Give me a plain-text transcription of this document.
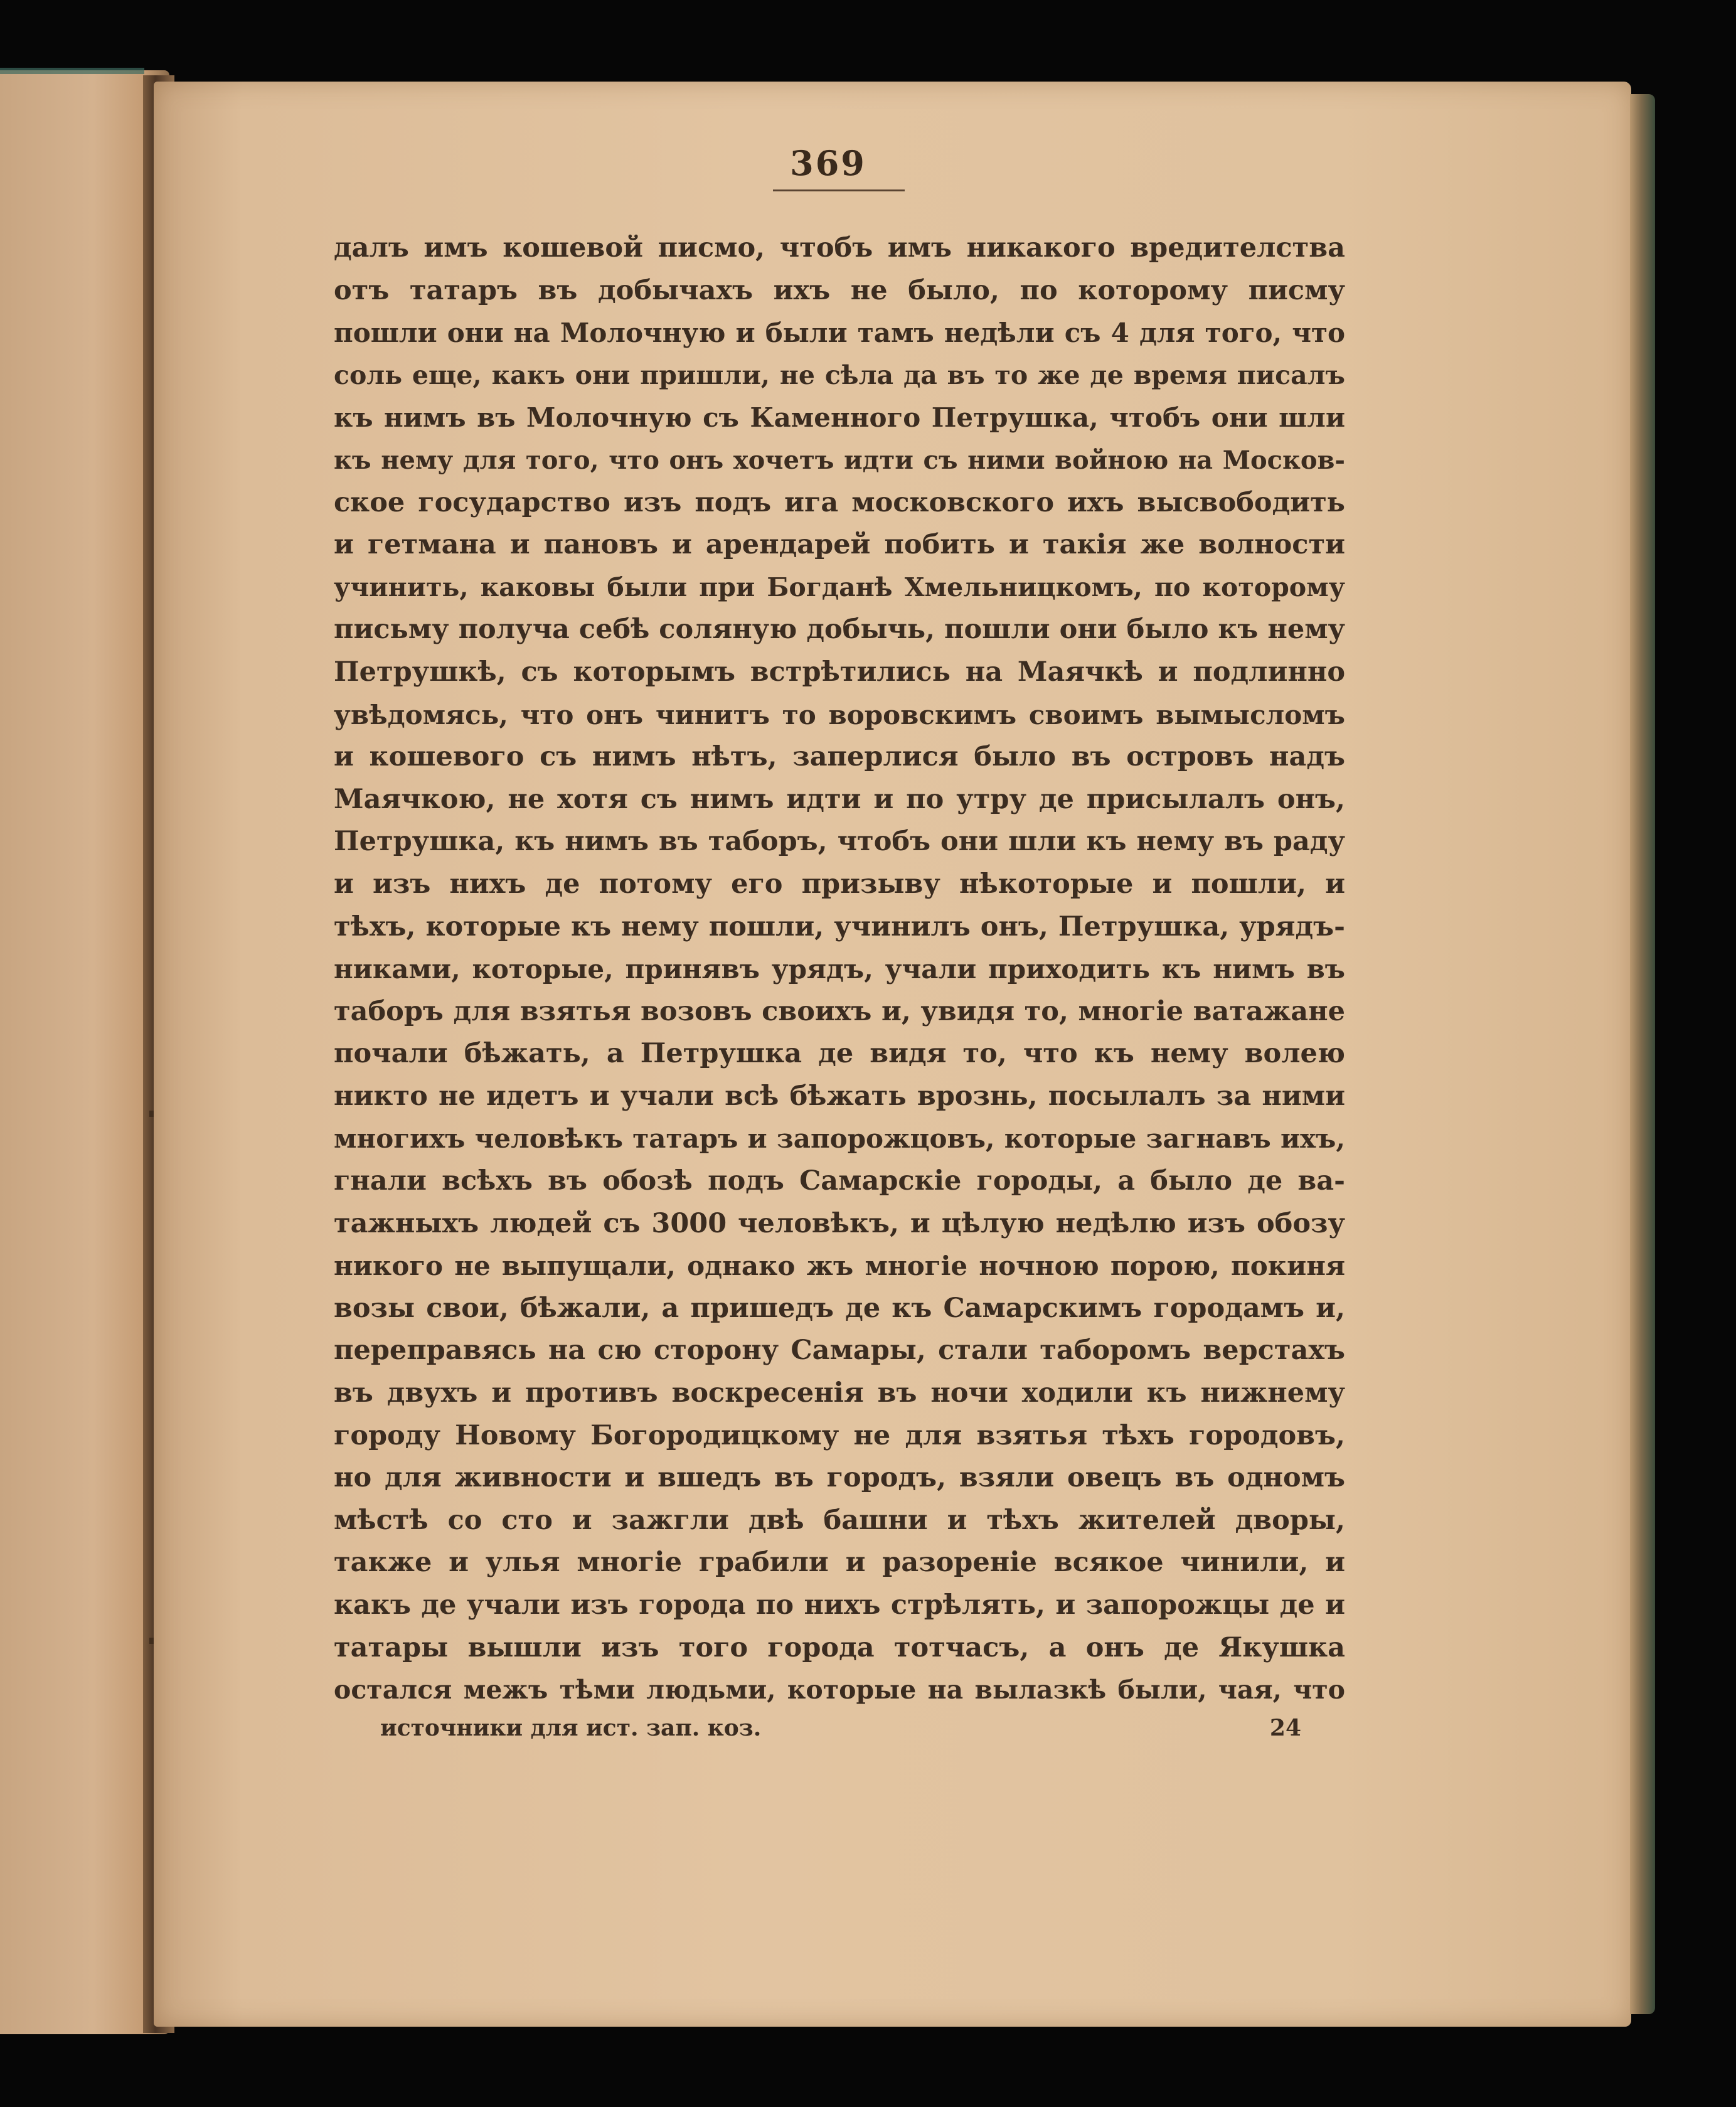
369
далъ имъ кошевой писмо, чтобъ имъ никакого вредителства
отъ татаръ въ добычахъ ихъ не было, по которому писму
пошли они на Молочную и были тамъ недѣли съ 4 для того, что
соль еще, какъ они пришли, не сѣла да въ то же де время писалъ
къ нимъ въ Молочную съ Каменного Петрушка, чтобъ они шли
къ нему для того, что онъ хочетъ идти съ ними войною на Москов-
ское государство изъ подъ ига московского ихъ высвободить
и гетмана и пановъ и арендарей побить и такія же волности
учинить, каковы были при Богданѣ Хмельницкомъ, по которому
письму получа себѣ соляную добычь, пошли они было къ нему
Петрушкѣ, съ которымъ встрѣтились на Маячкѣ и подлинно
увѣдомясь, что онъ чинитъ то воровскимъ своимъ вымысломъ
и кошевого съ нимъ нѣтъ, заперлися было въ островъ надъ
Маячкою, не хотя съ нимъ идти и по утру де присылалъ онъ,
Петрушка, къ нимъ въ таборъ, чтобъ они шли къ нему въ раду
и изъ нихъ де потому его призыву нѣкоторые и пошли, и
тѣхъ, которые къ нему пошли, учинилъ онъ, Петрушка, урядъ-
никами, которые, принявъ урядъ, учали приходить къ нимъ въ
таборъ для взятья возовъ своихъ и, увидя то, многіе ватажане
почали бѣжать, а Петрушка де видя то, что къ нему волею
никто не идетъ и учали всѣ бѣжать врознь, посылалъ за ними
многихъ человѣкъ татаръ и запорожцовъ, которые загнавъ ихъ,
гнали всѣхъ въ обозѣ подъ Самарскіе городы, а было де ва-
тажныхъ людей съ 3000 человѣкъ, и цѣлую недѣлю изъ обозу
никого не выпущали, однако жъ многіе ночною порою, покиня
возы свои, бѣжали, а пришедъ де къ Самарскимъ городамъ и,
переправясь на сю сторону Самары, стали таборомъ верстахъ
въ двухъ и противъ воскресенія въ ночи ходили къ нижнему
городу Новому Богородицкому не для взятья тѣхъ городовъ,
но для живности и вшедъ въ городъ, взяли овецъ въ одномъ
мѣстѣ со сто и зажгли двѣ башни и тѣхъ жителей дворы,
также и улья многіе грабили и разореніе всякое чинили, и
какъ де учали изъ города по нихъ стрѣлять, и запорожцы де и
татары вышли изъ того города тотчасъ, а онъ де Якушка
остался межъ тѣми людьми, которые на вылазкѣ были, чая, что
источники для ист. зап. коз.	24
